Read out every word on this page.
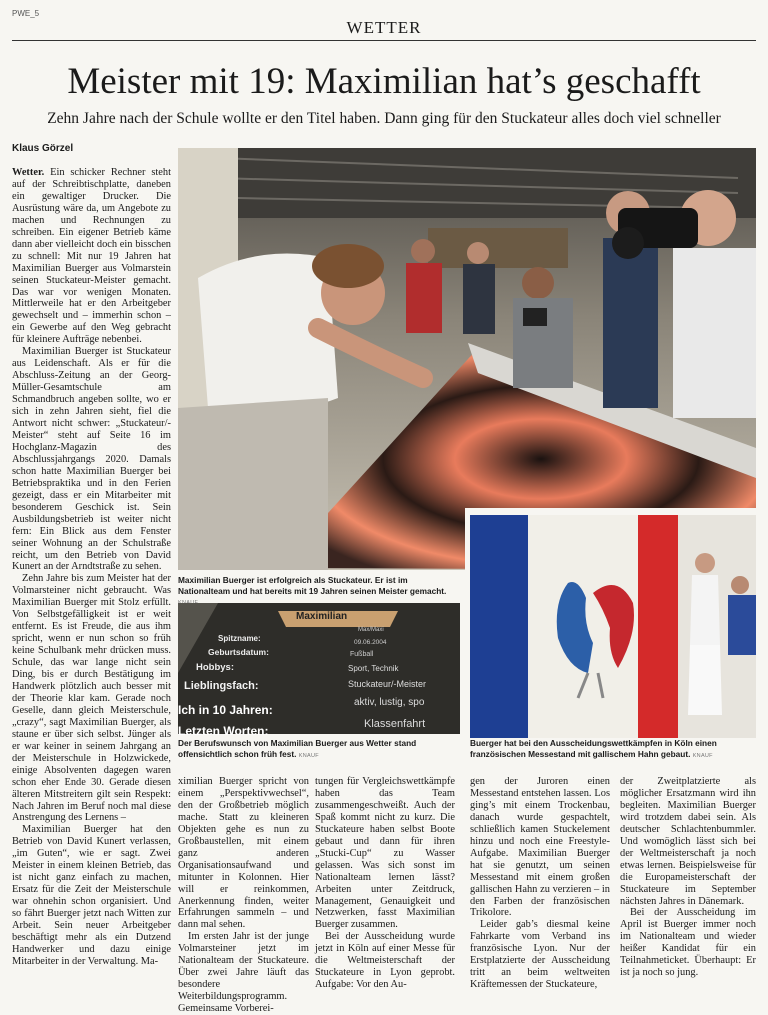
PWE_5
WETTER
Meister mit 19: Maximilian hat’s geschafft
Zehn Jahre nach der Schule wollte er den Titel haben. Dann ging für den Stuckateur alles doch viel schneller
Klaus Görzel

Wetter. Ein schicker Rechner steht auf der Schreibtischplatte, daneben ein gewaltiger Drucker. Die Ausrüstung wäre da, um Angebote zu machen und Rechnungen zu schreiben. Ein eigener Betrieb käme dann aber vielleicht doch ein bisschen zu schnell: Mit nur 19 Jahren hat Maximilian Buerger aus Volmarstein seinen Stuckateur-Meister gemacht. Das war vor wenigen Monaten. Mittlerweile hat er den Arbeitgeber gewechselt und – immerhin schon – ein Gewerbe auf den Weg gebracht für kleinere Aufträge nebenbei.

Maximilian Buerger ist Stuckateur aus Leidenschaft. Als er für die Abschluss-Zeitung an der Georg-Müller-Gesamtschule am Schmandbruch angeben sollte, wo er sich in zehn Jahren sieht, fiel die Antwort nicht schwer: „Stuckateur/-Meister“ steht auf Seite 16 im Hochglanz-Magazin des Abschlussjahrgangs 2020. Damals schon hatte Maximilian Buerger bei Betriebspraktika und in den Ferien gezeigt, dass er ein Mitarbeiter mit besonderem Geschick ist. Sein Ausbildungsbetrieb ist weiter nicht fern: Ein Blick aus dem Fenster seiner Wohnung an der Schulstraße reicht, um den Betrieb von David Kunert an der Arndtstraße zu sehen.

Zehn Jahre bis zum Meister hat der Volmarsteiner nicht gebraucht. Was Maximilian Buerger mit Stolz erfüllt. Von Selbstgefälligkeit ist er weit entfernt. Es ist Freude, die aus ihm spricht, wenn er nun schon so früh keine Schulbank mehr drücken muss. Schule, das war lange nicht sein Ding, bis er durch Bestätigung im Handwerk plötzlich auch besser mit der Theorie klar kam. Gerade noch Geselle, dann gleich Meisterschule, „crazy“, sagt Maximilian Buerger, als staune er über sich selbst. Jünger als er war keiner in seinem Jahrgang an der Meisterschule in Holzwickede, einige Absolventen dagegen waren schon eher Ende 30. Gerade diesen älteren Mitstreitern gilt sein Respekt: Nach Jahren im Beruf noch mal diese Anstrengung des Lernens –

Maximilian Buerger hat den Betrieb von David Kunert verlassen, „im Guten“, wie er sagt. Zwei Meister in einem kleinen Betrieb, das ist nicht ganz einfach zu machen, Ersatz für die Zeit der Meisterschule war ohnehin schon organisiert. Und so fährt Buerger jetzt nach Witten zur Arbeit. Sein neuer Arbeitgeber beschäftigt mehr als ein Dutzend Handwerker und dazu einige Mitarbeiter in der Verwaltung. Ma-

Maximilian Buerger ist erfolgreich als Stuckateur. Er ist im Nationalteam und hat bereits mit 19 Jahren seinen Meister gemacht.
Maximilian
Spitzname:
Geburtsdatum:
Hobbys:
Lieblingsfach:
Ich in 10 Jahren:
Letzten Worten:
Max/Maxi
09.06.2004
Fußball
Sport, Technik
Stuckateur/-Meister
aktiv, lustig, spo
Klassenfahrt
Der Berufswunsch von Maximilian Buerger aus Wetter stand offensichtlich schon früh fest. KNAUF
Buerger hat bei den Ausscheidungswettkämpfen in Köln einen französischen Messestand mit gallischem Hahn gebaut. KNAUF

ximilian Buerger spricht von einem „Perspektivwechsel“, den der Großbetrieb möglich mache. Statt zu kleineren Objekten gehe es nun zu Großbaustellen, mit einem ganz anderen Organisationsaufwand und mitunter in Kolonnen. Hier will er reinkommen, Anerkennung finden, weiter Erfahrungen sammeln – und dann mal sehen.

Im ersten Jahr ist der junge Volmarsteiner jetzt im Nationalteam der Stuckateure. Über zwei Jahre läuft das besondere Weiterbildungsprogramm. Gemeinsame Vorberei-

tungen für Vergleichswettkämpfe haben das Team zusammengeschweißt. Auch der Spaß kommt nicht zu kurz. Die Stuckateure haben selbst Boote gebaut und dann für ihren „Stucki-Cup“ zu Wasser gelassen. Was sich sonst im Nationalteam lernen lässt? Arbeiten unter Zeitdruck, Management, Genauigkeit und Netzwerken, fasst Maximilian Buerger zusammen.

Bei der Ausscheidung wurde jetzt in Köln auf einer Messe für die Weltmeisterschaft der Stuckateure in Lyon geprobt. Aufgabe: Vor den Au-

gen der Juroren einen Messestand entstehen lassen. Los ging’s mit einem Trockenbau, danach wurde gespachtelt, schließlich kamen Stuckelement hinzu und noch eine Freestyle-Aufgabe. Maximilian Buerger hat sie genutzt, um seinen Messestand mit einem großen gallischen Hahn zu verzieren – in den Farben der französischen Trikolore.

Leider gab’s diesmal keine Fahrkarte vom Verband ins französische Lyon. Nur der Erstplatzierte der Ausscheidung tritt an beim weltweiten Kräftemessen der Stuckateure,

der Zweitplatzierte als möglicher Ersatzmann wird ihn begleiten. Maximilian Buerger wird trotzdem dabei sein. Als deutscher Schlachtenbummler. Und womöglich lässt sich bei der Weltmeisterschaft ja noch etwas lernen. Beispielsweise für die Europameisterschaft der Stuckateure im September nächsten Jahres in Dänemark.

Bei der Ausscheidung im April ist Buerger immer noch im Nationalteam und wieder heißer Kandidat für ein Teilnahmeticket. Überhaupt: Er ist ja noch so jung.
